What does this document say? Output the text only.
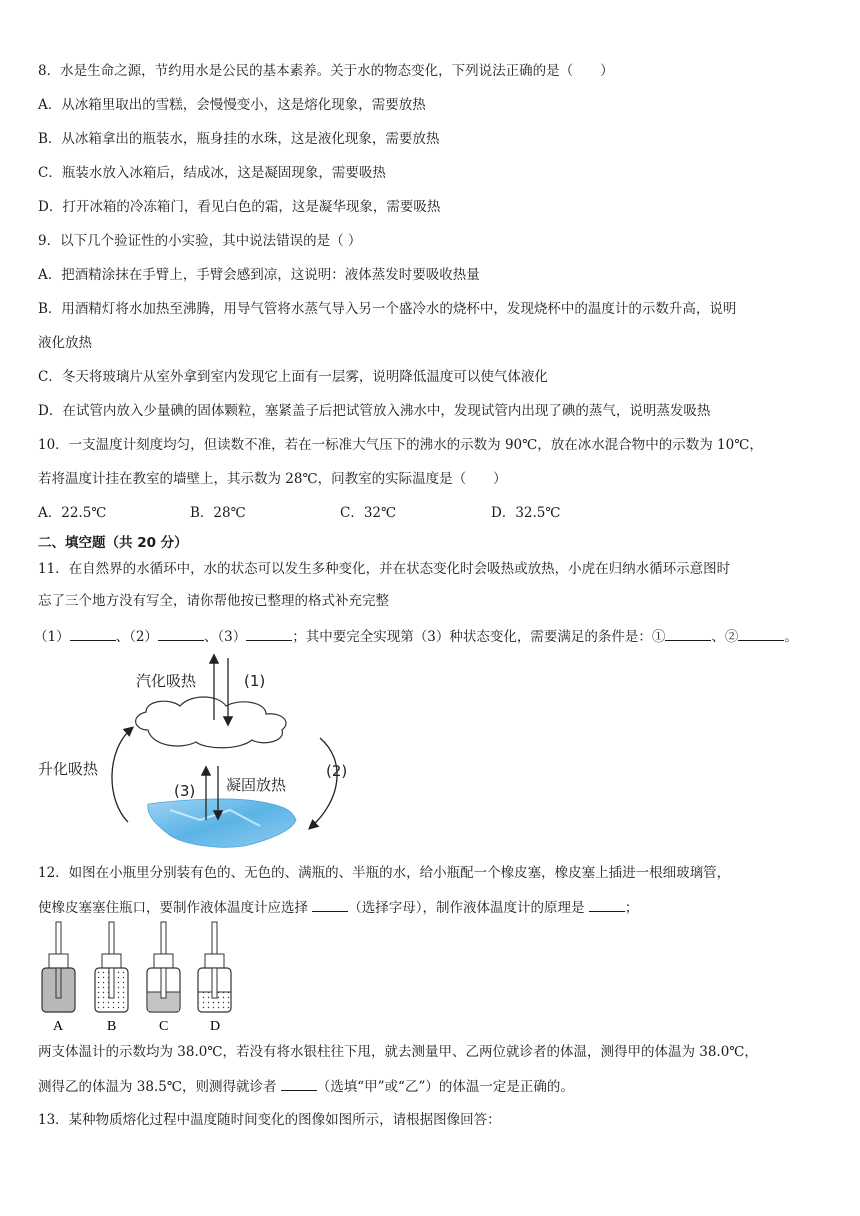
8．水是生命之源，节约用水是公民的基本素养。关于水的物态变化，下列说法正确的是（　　）
A．从冰箱里取出的雪糕，会慢慢变小，这是熔化现象，需要放热
B．从冰箱拿出的瓶装水，瓶身挂的水珠，这是液化现象，需要放热
C．瓶装水放入冰箱后，结成冰，这是凝固现象，需要吸热
D．打开冰箱的冷冻箱门，看见白色的霜，这是凝华现象，需要吸热
9．以下几个验证性的小实验，其中说法错误的是（ ）
A．把酒精涂抹在手臂上，手臂会感到凉，这说明：液体蒸发时要吸收热量
B．用酒精灯将水加热至沸腾，用导气管将水蒸气导入另一个盛冷水的烧杯中，发现烧杯中的温度计的示数升高，说明
液化放热
C．冬天将玻璃片从室外拿到室内发现它上面有一层雾，说明降低温度可以使气体液化
D．在试管内放入少量碘的固体颗粒，塞紧盖子后把试管放入沸水中，发现试管内出现了碘的蒸气，说明蒸发吸热
10．一支温度计刻度均匀，但读数不准，若在一标准大气压下的沸水的示数为 90℃，放在冰水混合物中的示数为 10℃，
若将温度计挂在教室的墙壁上，其示数为 28℃，问教室的实际温度是（　　）
A．22.5℃	B．28℃	C．32℃	D．32.5℃
二、填空题（共 20 分）
11．在自然界的水循环中，水的状态可以发生多种变化，并在状态变化时会吸热或放热，小虎在归纳水循环示意图时
忘了三个地方没有写全，请你帮他按已整理的格式补充完整
（1）	、（2）	、（3）	；其中要完全实现第（3）种状态变化，需要满足的条件是：①	、②	。
汽化吸热	(1)
升化吸热
凝固放热
(2)
(3)
12．如图在小瓶里分别装有色的、无色的、满瓶的、半瓶的水，给小瓶配一个橡皮塞，橡皮塞上插进一根细玻璃管，
使橡皮塞塞住瓶口，要制作液体温度计应选择	（选择字母），制作液体温度计的原理是	；
A	B	C	D
两支体温计的示数均为 38.0℃，若没有将水银柱往下甩，就去测量甲、乙两位就诊者的体温，测得甲的体温为 38.0℃，
测得乙的体温为 38.5℃，则测得就诊者	（选填“甲”或“乙”）的体温一定是正确的。
13．某种物质熔化过程中温度随时间变化的图像如图所示，请根据图像回答：
